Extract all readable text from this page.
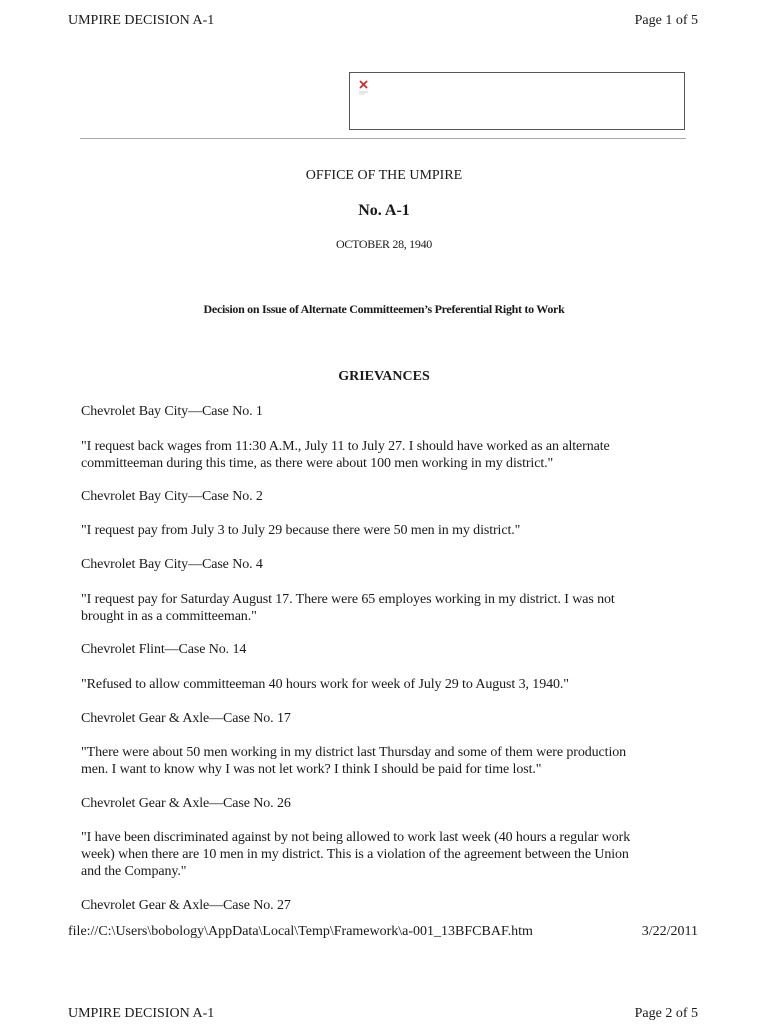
UMPIRE DECISION A-1	Page 1 of 5
OFFICE OF THE UMPIRE
No. A-1
OCTOBER 28, 1940
Decision on Issue of Alternate Committeemen’s Preferential Right to Work
GRIEVANCES
Chevrolet Bay City—Case No. 1
"I request back wages from 11:30 A.M., July 11 to July 27. I should have worked as an alternate
committeeman during this time, as there were about 100 men working in my district."
Chevrolet Bay City—Case No. 2
"I request pay from July 3 to July 29 because there were 50 men in my district."
Chevrolet Bay City—Case No. 4
"I request pay for Saturday August 17. There were 65 employes working in my district. I was not
brought in as a committeeman."
Chevrolet Flint—Case No. 14
"Refused to allow committeeman 40 hours work for week of July 29 to August 3, 1940."
Chevrolet Gear & Axle—Case No. 17
"There were about 50 men working in my district last Thursday and some of them were production
men. I want to know why I was not let work? I think I should be paid for time lost."
Chevrolet Gear & Axle—Case No. 26
"I have been discriminated against by not being allowed to work last week (40 hours a regular work
week) when there are 10 men in my district. This is a violation of the agreement between the Union
and the Company."
Chevrolet Gear & Axle—Case No. 27
file://C:\Users\bobology\AppData\Local\Temp\Framework\a-001_13BFCBAF.htm	3/22/2011
UMPIRE DECISION A-1	Page 2 of 5
